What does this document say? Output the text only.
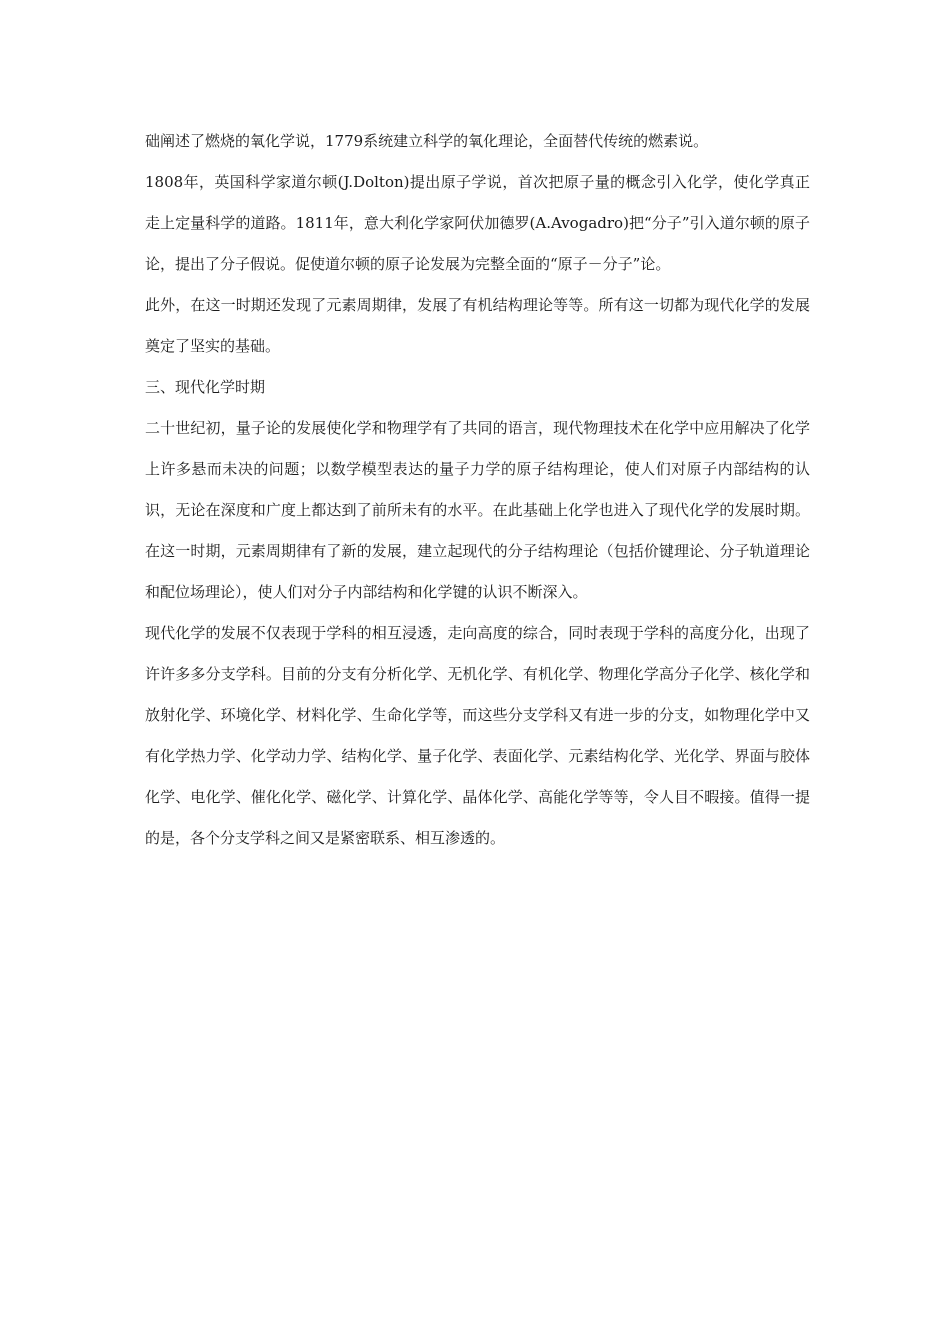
础阐述了燃烧的氧化学说，1779系统建立科学的氧化理论，全面替代传统的燃素说。

1808年，英国科学家道尔顿(J.Dolton)提出原子学说，首次把原子量的概念引入化学，使化学真正走上定量科学的道路。1811年，意大利化学家阿伏加德罗(A.Avogadro)把“分子”引入道尔顿的原子论，提出了分子假说。促使道尔顿的原子论发展为完整全面的“原子－分子”论。

此外，在这一时期还发现了元素周期律，发展了有机结构理论等等。所有这一切都为现代化学的发展奠定了坚实的基础。

三、现代化学时期

二十世纪初，量子论的发展使化学和物理学有了共同的语言，现代物理技术在化学中应用解决了化学上许多悬而未决的问题；以数学模型表达的量子力学的原子结构理论，使人们对原子内部结构的认识，无论在深度和广度上都达到了前所未有的水平。在此基础上化学也进入了现代化学的发展时期。在这一时期，元素周期律有了新的发展，建立起现代的分子结构理论（包括价键理论、分子轨道理论和配位场理论），使人们对分子内部结构和化学键的认识不断深入。

现代化学的发展不仅表现于学科的相互浸透，走向高度的综合，同时表现于学科的高度分化，出现了许许多多分支学科。目前的分支有分析化学、无机化学、有机化学、物理化学高分子化学、核化学和放射化学、环境化学、材料化学、生命化学等，而这些分支学科又有进一步的分支，如物理化学中又有化学热力学、化学动力学、结构化学、量子化学、表面化学、元素结构化学、光化学、界面与胶体化学、电化学、催化化学、磁化学、计算化学、晶体化学、高能化学等等，令人目不暇接。值得一提的是，各个分支学科之间又是紧密联系、相互渗透的。
